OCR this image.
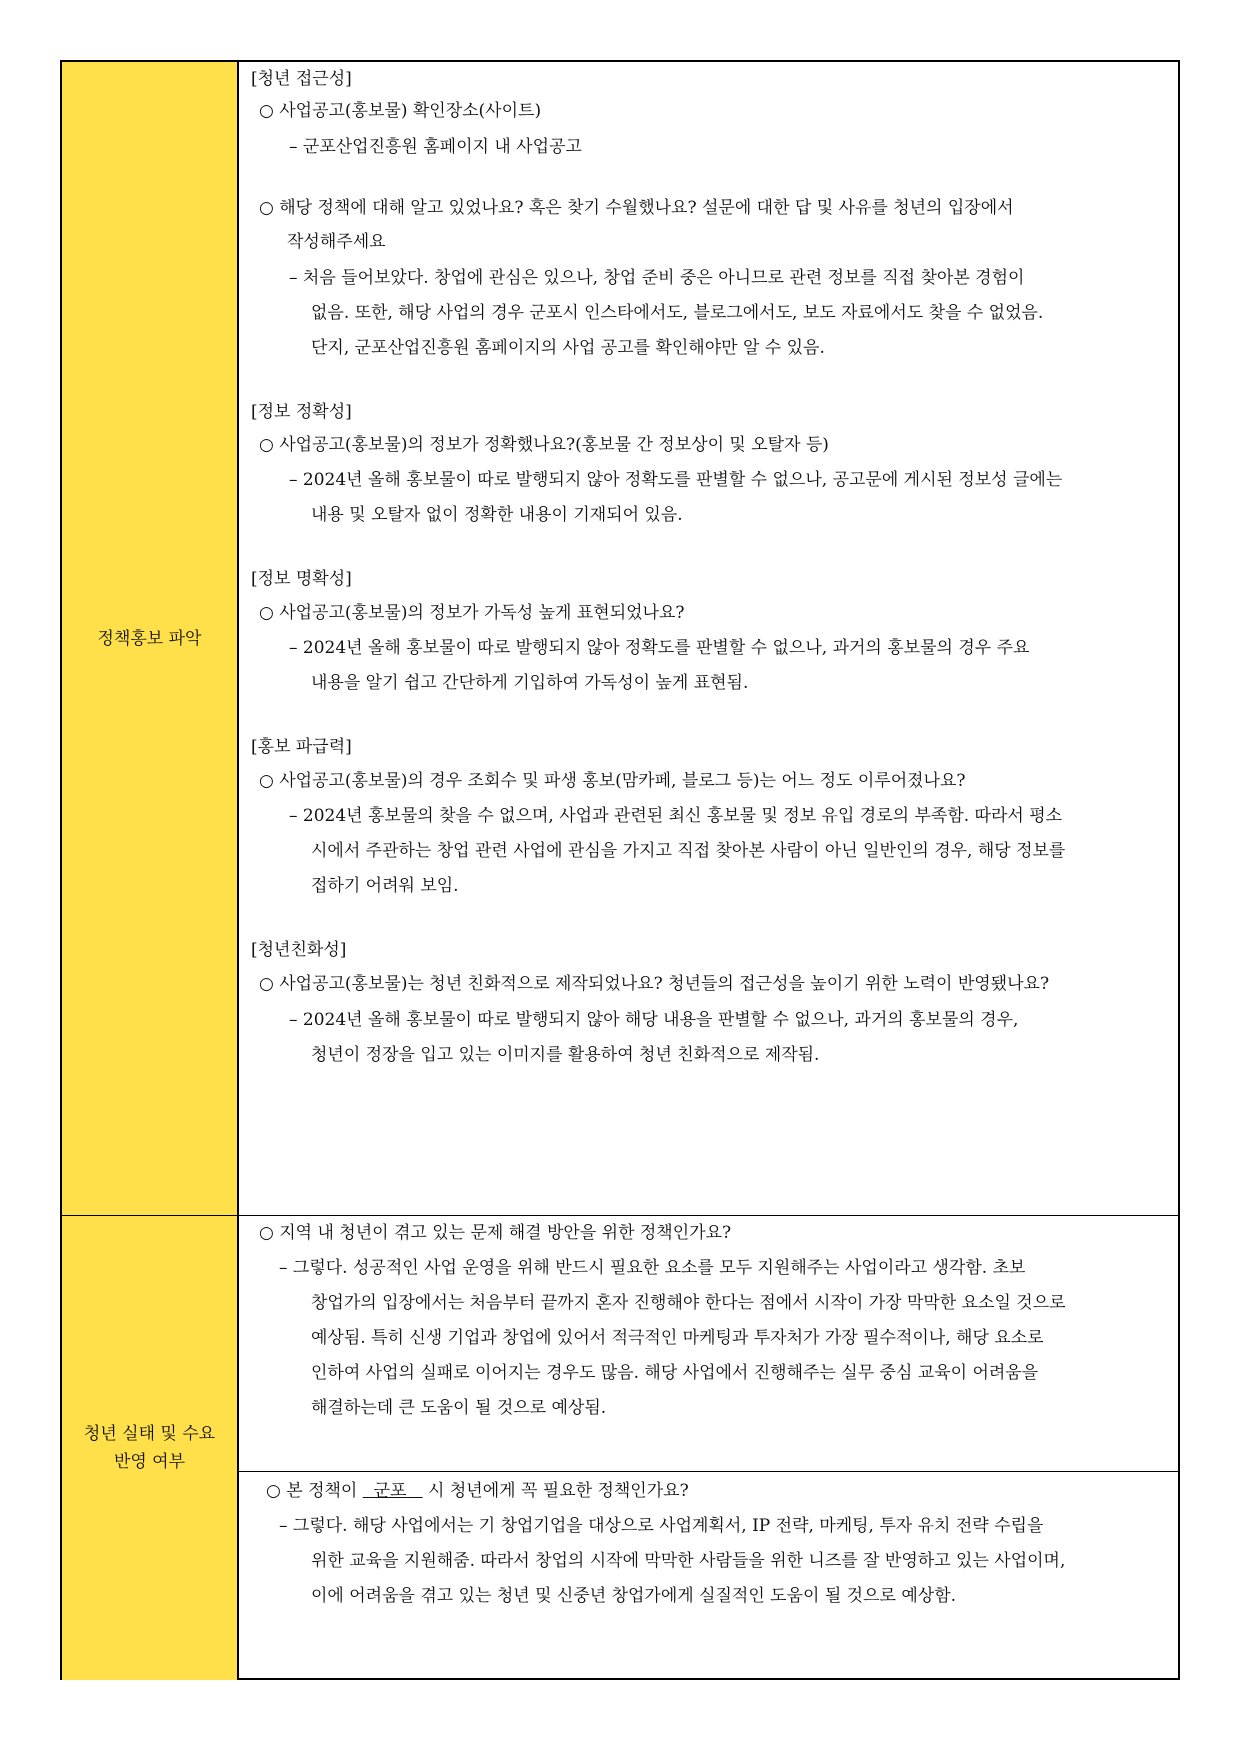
정책홍보 파악
[청년 접근성]
○ 사업공고(홍보물) 확인장소(사이트)
– 군포산업진흥원 홈페이지 내 사업공고
○ 해당 정책에 대해 알고 있었나요? 혹은 찾기 수월했나요? 설문에 대한 답 및 사유를 청년의 입장에서
작성해주세요
– 처음 들어보았다. 창업에 관심은 있으나, 창업 준비 중은 아니므로 관련 정보를 직접 찾아본 경험이
없음. 또한, 해당 사업의 경우 군포시 인스타에서도, 블로그에서도, 보도 자료에서도 찾을 수 없었음.
단지, 군포산업진흥원 홈페이지의 사업 공고를 확인해야만 알 수 있음.
[정보 정확성]
○ 사업공고(홍보물)의 정보가 정확했나요?(홍보물 간 정보상이 및 오탈자 등)
– 2024년 올해 홍보물이 따로 발행되지 않아 정확도를 판별할 수 없으나, 공고문에 게시된 정보성 글에는
내용 및 오탈자 없이 정확한 내용이 기재되어 있음.
[정보 명확성]
○ 사업공고(홍보물)의 정보가 가독성 높게 표현되었나요?
– 2024년 올해 홍보물이 따로 발행되지 않아 정확도를 판별할 수 없으나, 과거의 홍보물의 경우 주요
내용을 알기 쉽고 간단하게 기입하여 가독성이 높게 표현됨.
[홍보 파급력]
○ 사업공고(홍보물)의 경우 조회수 및 파생 홍보(맘카페, 블로그 등)는 어느 정도 이루어졌나요?
– 2024년 홍보물의 찾을 수 없으며, 사업과 관련된 최신 홍보물 및 정보 유입 경로의 부족함. 따라서 평소
시에서 주관하는 창업 관련 사업에 관심을 가지고 직접 찾아본 사람이 아닌 일반인의 경우, 해당 정보를
접하기 어려워 보임.
[청년친화성]
○ 사업공고(홍보물)는 청년 친화적으로 제작되었나요? 청년들의 접근성을 높이기 위한 노력이 반영됐나요?
– 2024년 올해 홍보물이 따로 발행되지 않아 해당 내용을 판별할 수 없으나, 과거의 홍보물의 경우,
청년이 정장을 입고 있는 이미지를 활용하여 청년 친화적으로 제작됨.
청년 실태 및 수요
반영 여부
○ 지역 내 청년이 겪고 있는 문제 해결 방안을 위한 정책인가요?
– 그렇다. 성공적인 사업 운영을 위해 반드시 필요한 요소를 모두 지원해주는 사업이라고 생각함. 초보
창업가의 입장에서는 처음부터 끝까지 혼자 진행해야 한다는 점에서 시작이 가장 막막한 요소일 것으로
예상됨. 특히 신생 기업과 창업에 있어서 적극적인 마케팅과 투자처가 가장 필수적이나, 해당 요소로
인하여 사업의 실패로 이어지는 경우도 많음. 해당 사업에서 진행해주는 실무 중심 교육이 어려움을
해결하는데 큰 도움이 될 것으로 예상됨.
○ 본 정책이 군포 시 청년에게 꼭 필요한 정책인가요?
– 그렇다. 해당 사업에서는 기 창업기업을 대상으로 사업계획서, IP 전략, 마케팅, 투자 유치 전략 수립을
위한 교육을 지원해줌. 따라서 창업의 시작에 막막한 사람들을 위한 니즈를 잘 반영하고 있는 사업이며,
이에 어려움을 겪고 있는 청년 및 신중년 창업가에게 실질적인 도움이 될 것으로 예상함.
